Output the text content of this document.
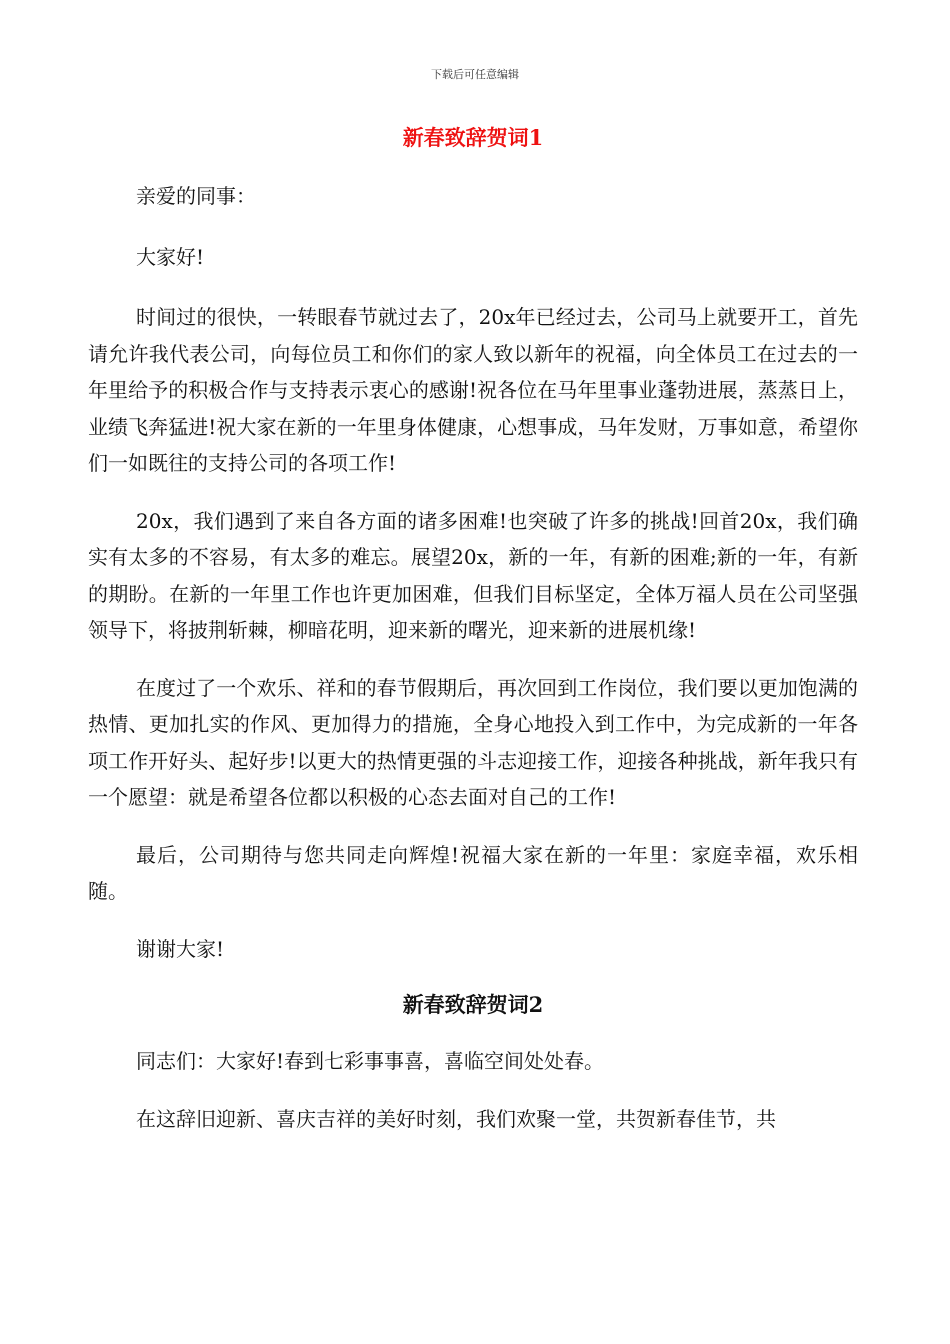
下载后可任意编辑
新春致辞贺词1

亲爱的同事：

大家好!

时间过的很快，一转眼春节就过去了，20x年已经过去，公司马上就要开工，首先请允许我代表公司，向每位员工和你们的家人致以新年的祝福，向全体员工在过去的一年里给予的积极合作与支持表示衷心的感谢!祝各位在马年里事业蓬勃进展，蒸蒸日上，业绩飞奔猛进!祝大家在新的一年里身体健康，心想事成，马年发财，万事如意，希望你们一如既往的支持公司的各项工作!

20x，我们遇到了来自各方面的诸多困难!也突破了许多的挑战!回首20x，我们确实有太多的不容易，有太多的难忘。展望20x，新的一年，有新的困难;新的一年，有新的期盼。在新的一年里工作也许更加困难，但我们目标坚定，全体万福人员在公司坚强领导下，将披荆斩棘，柳暗花明，迎来新的曙光，迎来新的进展机缘!

在度过了一个欢乐、祥和的春节假期后，再次回到工作岗位，我们要以更加饱满的热情、更加扎实的作风、更加得力的措施，全身心地投入到工作中，为完成新的一年各项工作开好头、起好步!以更大的热情更强的斗志迎接工作，迎接各种挑战，新年我只有一个愿望：就是希望各位都以积极的心态去面对自己的工作!

最后，公司期待与您共同走向辉煌!祝福大家在新的一年里：家庭幸福，欢乐相随。

谢谢大家!

新春致辞贺词2

同志们：大家好!春到七彩事事喜，喜临空间处处春。

在这辞旧迎新、喜庆吉祥的美好时刻，我们欢聚一堂，共贺新春佳节，共
